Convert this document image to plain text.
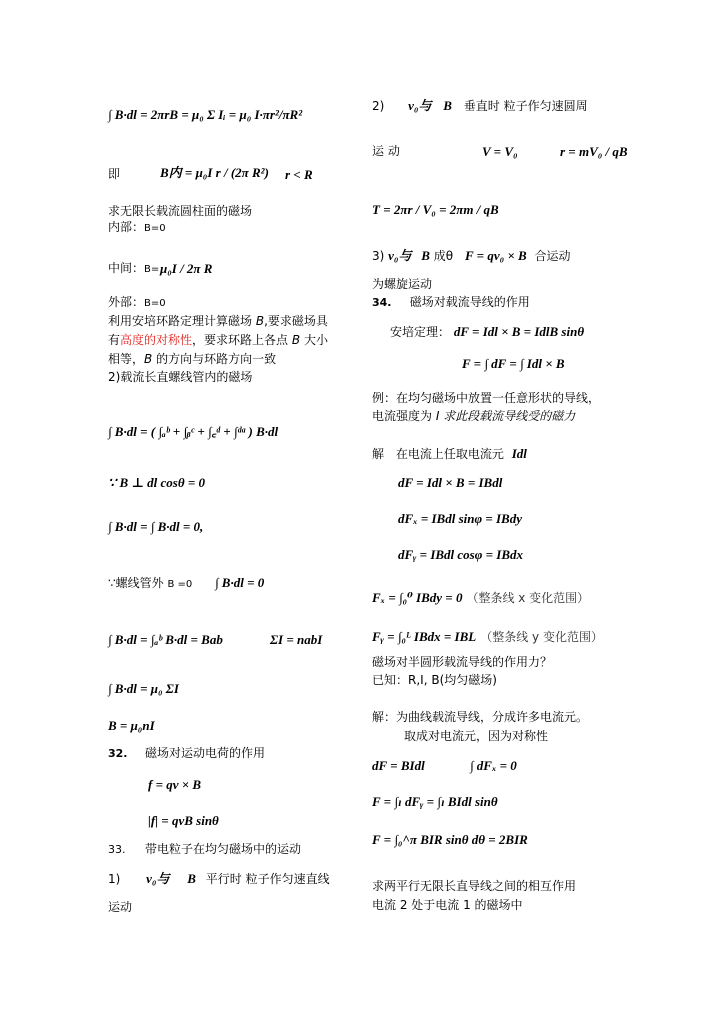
∫ B·dl = 2πrB = μ₀ Σ Iᵢ = μ₀ I·πr²/πR²
即	B内 = μ₀I r / (2π R²) r < R
求无限长载流圆柱面的磁场
内部：B=0
中间：B= μ₀I / 2π R
外部：B=0
利用安培环路定理计算磁场 B,要求磁场具
有高度的对称性，要求环路上各点 B 大小
相等，B 的方向与环路方向一致
2)载流长直螺线管内的磁场
∫ B·dl = ( ∫ₐᵇ + ∫ᵦᶜ + ∫꜀ᵈ + ∫ᵈᵃ ) B·dl
∵ B ⊥ dl cosθ = 0
∫ B·dl = ∫ B·dl = 0,
∵螺线管外 B =0 ∫ B·dl = 0
∫ B·dl = ∫ₐᵇ B·dl = Bab	ΣI = nabI
∫ B·dl = μ₀ ΣI
B = μ₀nI
32. 磁场对运动电荷的作用
f = qv × B
|f| = qvB sinθ
33. 带电粒子在均匀磁场中的运动
1) v₀与 B 平行时 粒子作匀速直线
运动
2) v₀与 B 垂直时 粒子作匀速圆周
运 动	V = V₀	r = mV₀ / qB
T = 2πr / V₀ = 2πm / qB
3) v₀与 B 成θ F = qv₀ × B 合运动
为螺旋运动
34. 磁场对载流导线的作用
安培定理： dF = Idl × B = IdlB sinθ
F = ∫ dF = ∫ Idl × B
例：在均匀磁场中放置一任意形状的导线，
电流强度为 I 求此段载流导线受的磁力
解 在电流上任取电流元 Idl
dF = Idl × B = IBdl
dFₓ = IBdl sinφ = IBdy
dFᵧ = IBdl cosφ = IBdx
Fₓ = ∫₀⁰ IBdy = 0 （整条线 x 变化范围）
Fᵧ = ∫₀ᴸ IBdx = IBL （整条线 y 变化范围）
磁场对半圆形载流导线的作用力？
已知：R,I, B(均匀磁场)
解：为曲线载流导线，分成许多电流元。
取成对电流元，因为对称性
dF = BIdl	∫ dFₓ = 0
F = ∫ₗ dFᵧ = ∫ₗ BIdl sinθ
F = ∫₀^π BIR sinθ dθ = 2BIR
求两平行无限长直导线之间的相互作用
电流 2 处于电流 1 的磁场中
